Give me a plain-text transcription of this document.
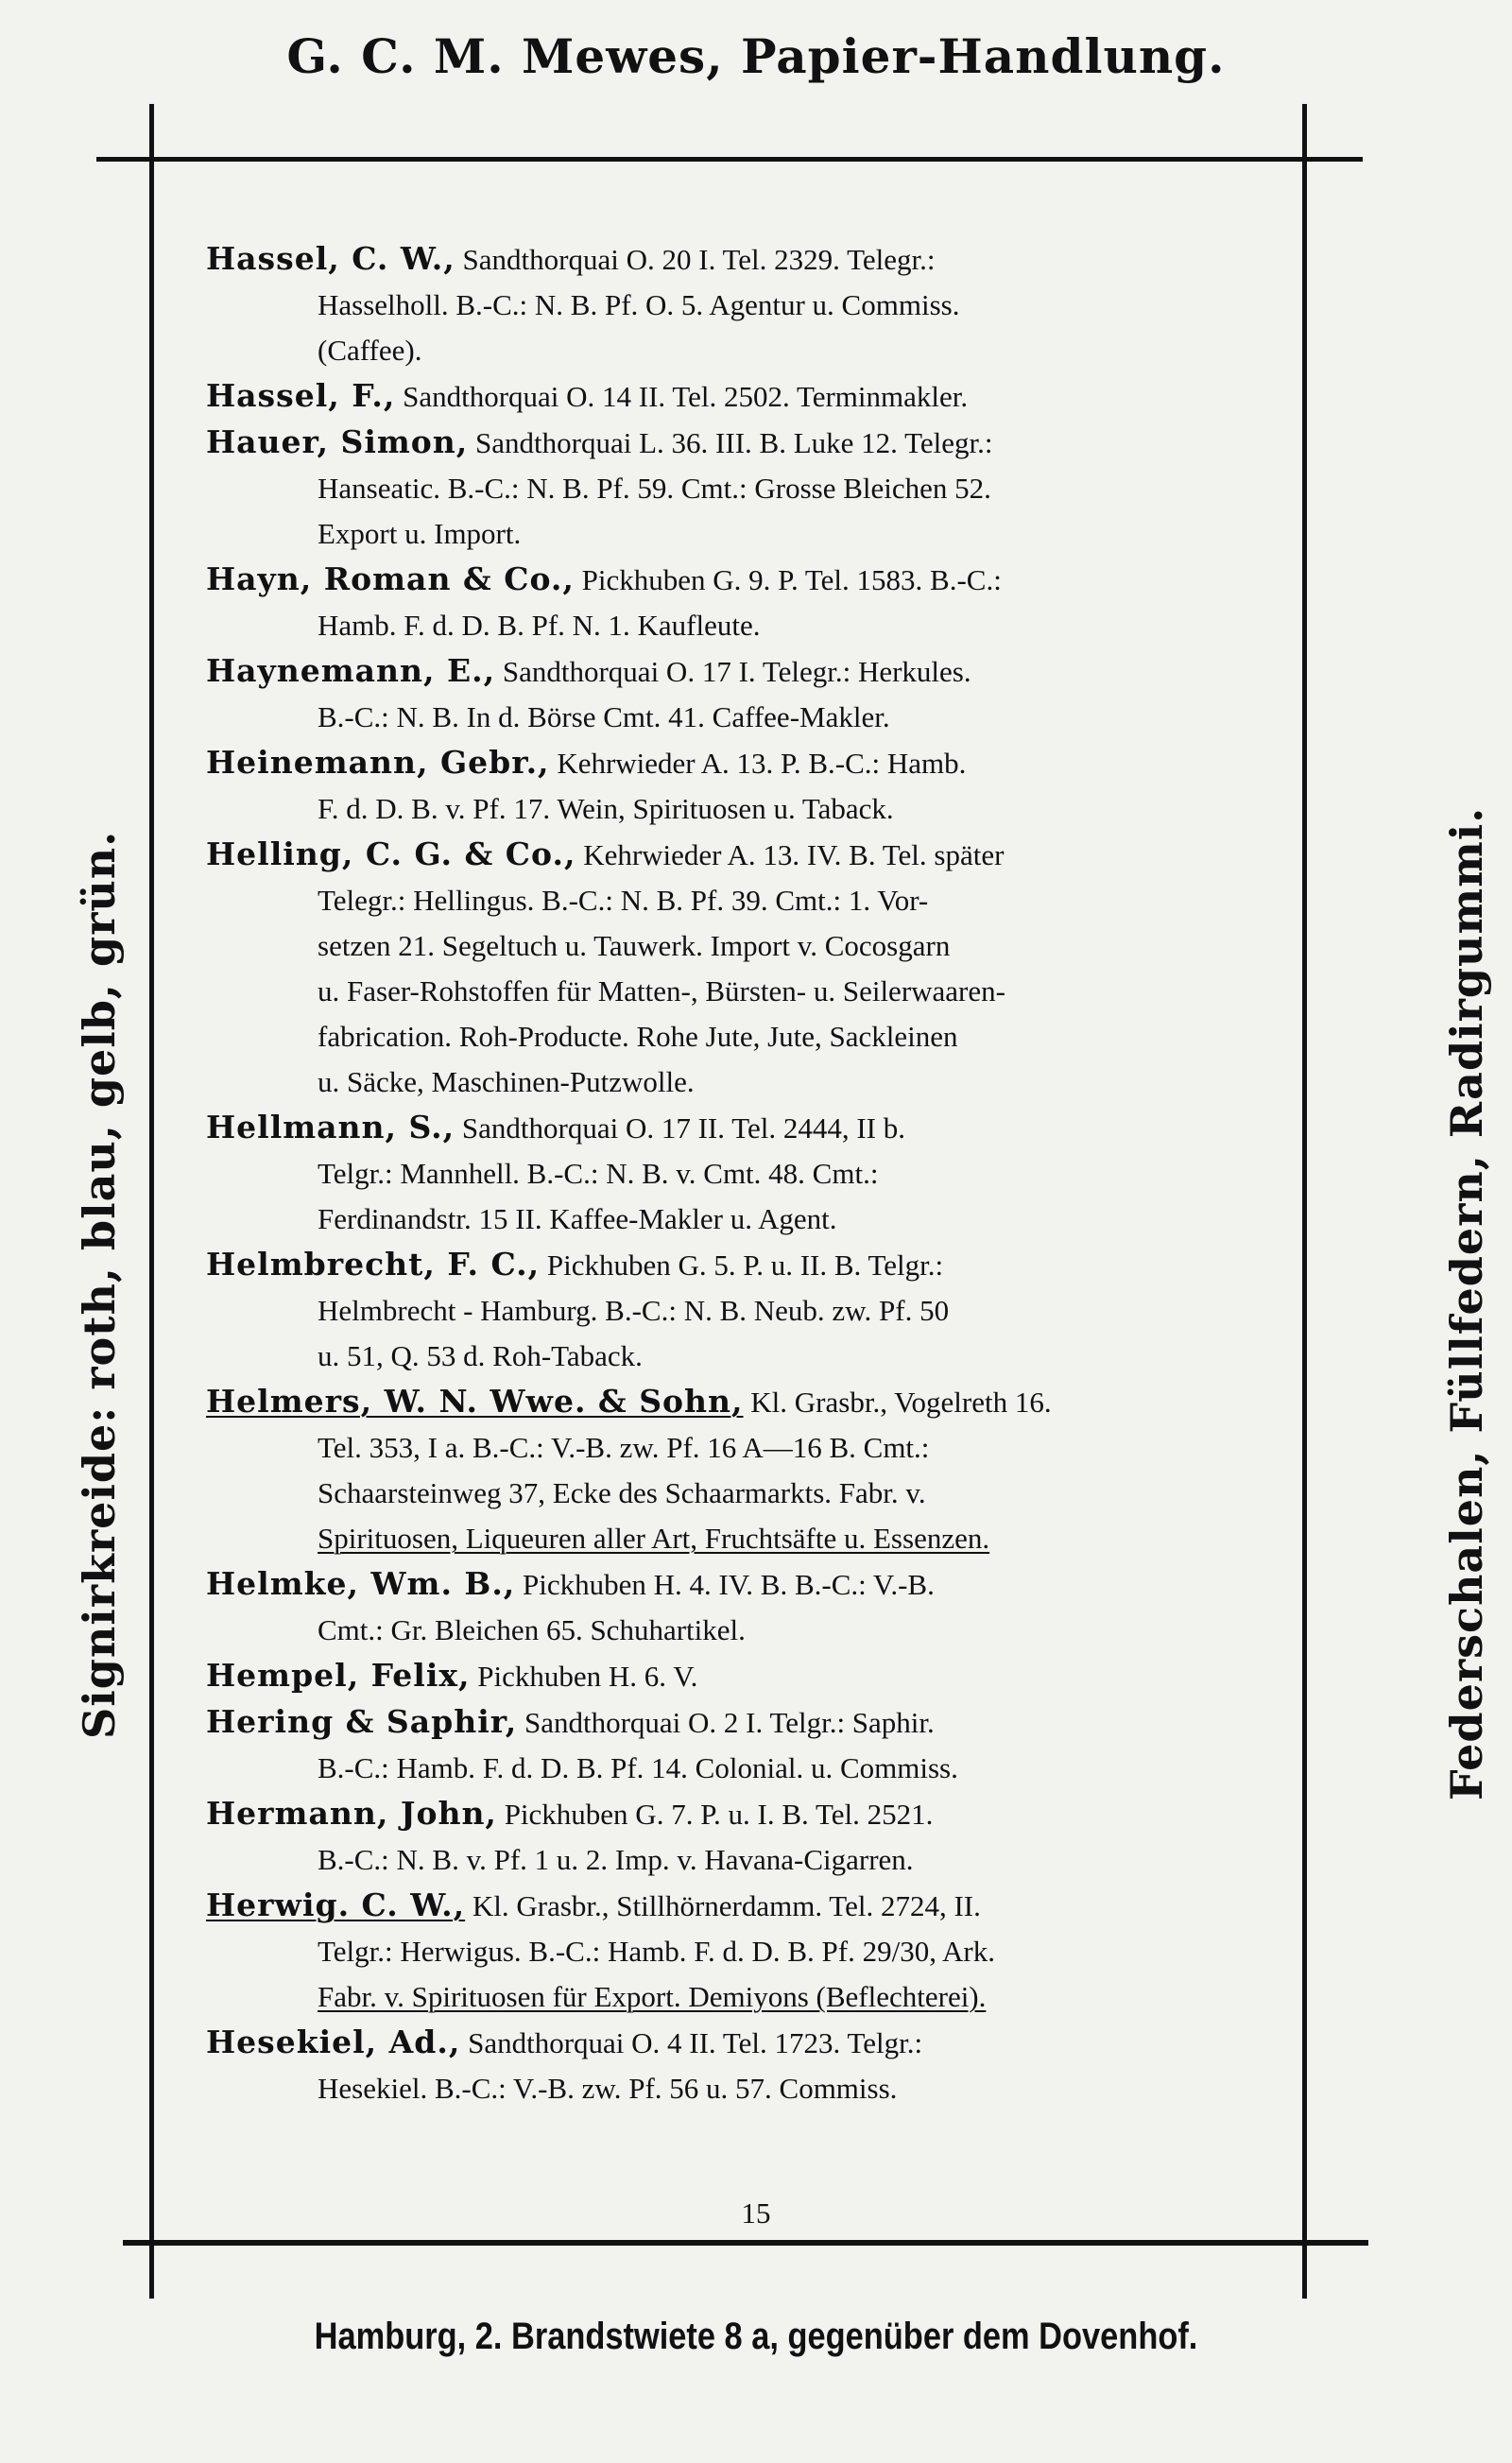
G. C. M. Mewes, Papier-Handlung.
Signirkreide: roth, blau, gelb, grün.	Federschalen, Füllfedern, Radirgummi.
Hassel, C. W., Sandthorquai O. 20 I. Tel. 2329. Telegr.:
Hasselholl. B.-C.: N. B. Pf. O. 5. Agentur u. Commiss.
(Caffee).
Hassel, F., Sandthorquai O. 14 II. Tel. 2502. Terminmakler.
Hauer, Simon, Sandthorquai L. 36. III. B. Luke 12. Telegr.:
Hanseatic. B.-C.: N. B. Pf. 59. Cmt.: Grosse Bleichen 52.
Export u. Import.
Hayn, Roman & Co., Pickhuben G. 9. P. Tel. 1583. B.-C.:
Hamb. F. d. D. B. Pf. N. 1. Kaufleute.
Haynemann, E., Sandthorquai O. 17 I. Telegr.: Herkules.
B.-C.: N. B. In d. Börse Cmt. 41. Caffee-Makler.
Heinemann, Gebr., Kehrwieder A. 13. P. B.-C.: Hamb.
F. d. D. B. v. Pf. 17. Wein, Spirituosen u. Taback.
Helling, C. G. & Co., Kehrwieder A. 13. IV. B. Tel. später
Telegr.: Hellingus. B.-C.: N. B. Pf. 39. Cmt.: 1. Vor-
setzen 21. Segeltuch u. Tauwerk. Import v. Cocosgarn
u. Faser-Rohstoffen für Matten-, Bürsten- u. Seilerwaaren-
fabrication. Roh-Producte. Rohe Jute, Jute, Sackleinen
u. Säcke, Maschinen-Putzwolle.
Hellmann, S., Sandthorquai O. 17 II. Tel. 2444, II b.
Telgr.: Mannhell. B.-C.: N. B. v. Cmt. 48. Cmt.:
Ferdinandstr. 15 II. Kaffee-Makler u. Agent.
Helmbrecht, F. C., Pickhuben G. 5. P. u. II. B. Telgr.:
Helmbrecht - Hamburg. B.-C.: N. B. Neub. zw. Pf. 50
u. 51, Q. 53 d. Roh-Taback.
Helmers, W. N. Wwe. & Sohn, Kl. Grasbr., Vogelreth 16.
Tel. 353, I a. B.-C.: V.-B. zw. Pf. 16 A—16 B. Cmt.:
Schaarsteinweg 37, Ecke des Schaarmarkts. Fabr. v.
Spirituosen, Liqueuren aller Art, Fruchtsäfte u. Essenzen.
Helmke, Wm. B., Pickhuben H. 4. IV. B. B.-C.: V.-B.
Cmt.: Gr. Bleichen 65. Schuhartikel.
Hempel, Felix, Pickhuben H. 6. V.
Hering & Saphir, Sandthorquai O. 2 I. Telgr.: Saphir.
B.-C.: Hamb. F. d. D. B. Pf. 14. Colonial. u. Commiss.
Hermann, John, Pickhuben G. 7. P. u. I. B. Tel. 2521.
B.-C.: N. B. v. Pf. 1 u. 2. Imp. v. Havana-Cigarren.
Herwig. C. W., Kl. Grasbr., Stillhörnerdamm. Tel. 2724, II.
Telgr.: Herwigus. B.-C.: Hamb. F. d. D. B. Pf. 29/30, Ark.
Fabr. v. Spirituosen für Export. Demiyons (Beflechterei).
Hesekiel, Ad., Sandthorquai O. 4 II. Tel. 1723. Telgr.:
Hesekiel. B.-C.: V.-B. zw. Pf. 56 u. 57. Commiss.
15
Hamburg, 2. Brandstwiete 8 a, gegenüber dem Dovenhof.
